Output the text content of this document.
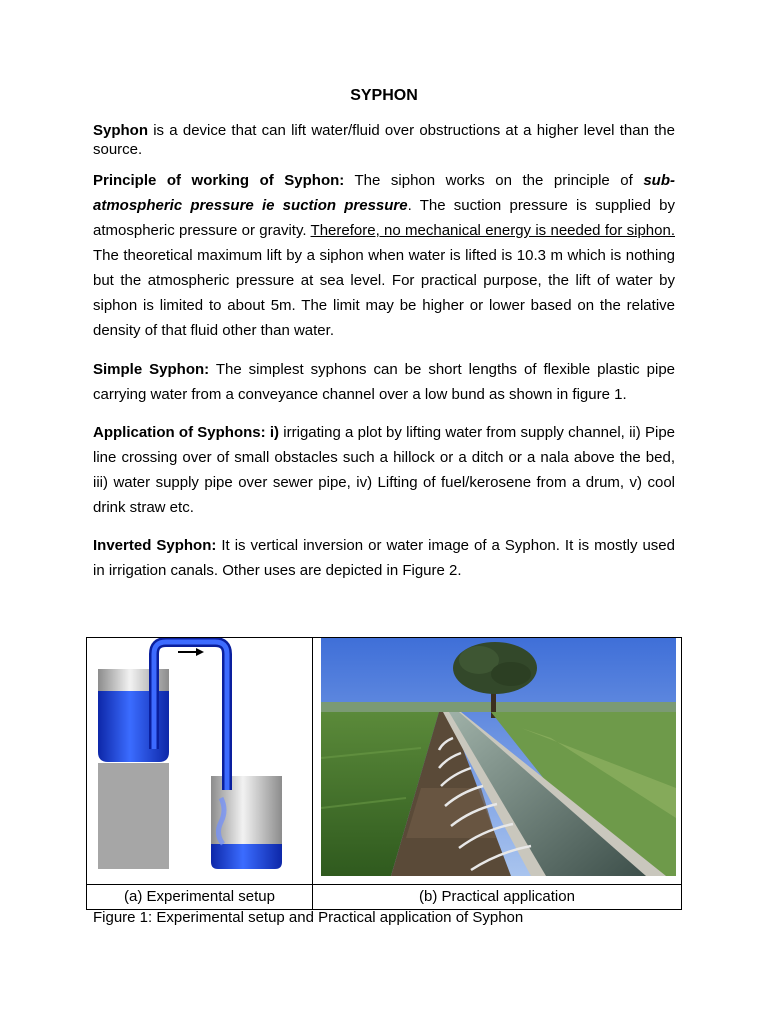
SYPHON

Syphon is a device that can lift water/fluid over obstructions at a higher level than the source.

Principle of working of Syphon: The siphon works on the principle of sub-atmospheric pressure ie suction pressure. The suction pressure is supplied by atmospheric pressure or gravity. Therefore, no mechanical energy is needed for siphon. The theoretical maximum lift by a siphon when water is lifted is 10.3 m which is nothing but the atmospheric pressure at sea level. For practical purpose, the lift of water by siphon is limited to about 5m. The limit may be higher or lower based on the relative density of that fluid other than water.

Simple Syphon: The simplest syphons can be short lengths of flexible plastic pipe carrying water from a conveyance channel over a low bund as shown in figure 1.

Application of Syphons: i) irrigating a plot by lifting water from supply channel, ii) Pipe line crossing over of small obstacles such a hillock or a ditch or a nala above the bed, iii) water supply pipe over sewer pipe, iv) Lifting of fuel/kerosene from a drum, v) cool drink straw etc.

Inverted Syphon: It is vertical inversion or water image of a Syphon. It is mostly used in irrigation canals. Other uses are depicted in Figure 2.

(a) Experimental setup	(b) Practical application
Figure 1: Experimental setup and Practical application of Syphon
